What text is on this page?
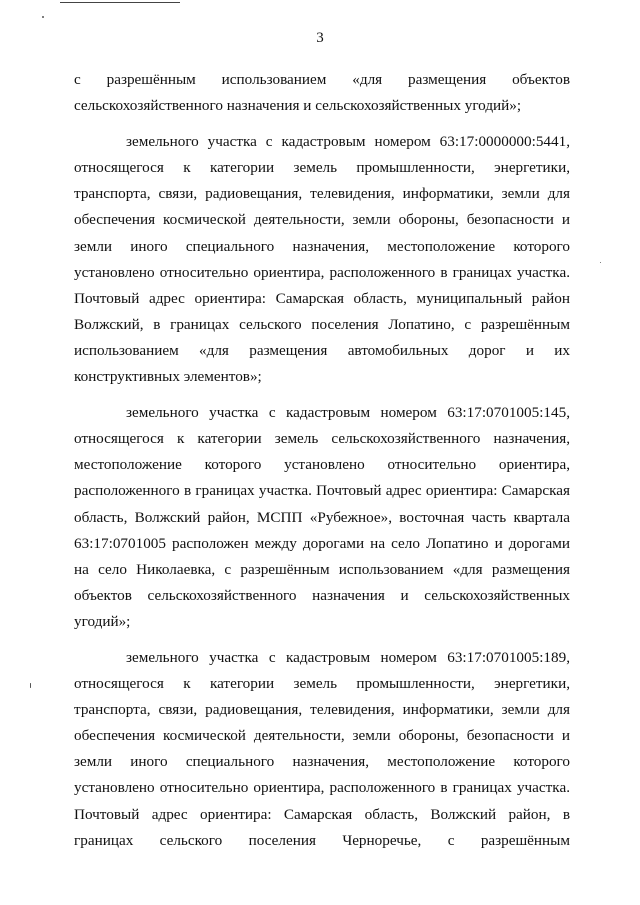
3

с разрешённым использованием «для размещения объектов сельскохозяйственного назначения и сельскохозяйственных угодий»;

земельного участка с кадастровым номером 63:17:0000000:5441, относящегося к категории земель промышленности, энергетики, транспорта, связи, радиовещания, телевидения, информатики, земли для обеспечения космической деятельности, земли обороны, безопасности и земли иного специального назначения, местоположение которого установлено относительно ориентира, расположенного в границах участка. Почтовый адрес ориентира: Самарская область, муниципальный район Волжский, в границах сельского поселения Лопатино, с разрешённым использованием «для размещения автомобильных дорог и их конструктивных элементов»;

земельного участка с кадастровым номером 63:17:0701005:145, относящегося к категории земель сельскохозяйственного назначения, местоположение которого установлено относительно ориентира, расположенного в границах участка. Почтовый адрес ориентира: Самарская область, Волжский район, МСПП «Рубежное», восточная часть квартала 63:17:0701005 расположен между дорогами на село Лопатино и дорогами на село Николаевка, с разрешённым использованием «для размещения объектов сельскохозяйственного назначения и сельскохозяйственных угодий»;

земельного участка с кадастровым номером 63:17:0701005:189, относящегося к категории земель промышленности, энергетики, транспорта, связи, радиовещания, телевидения, информатики, земли для обеспечения космической деятельности, земли обороны, безопасности и земли иного специального назначения, местоположение которого установлено относительно ориентира, расположенного в границах участка. Почтовый адрес ориентира: Самарская область, Волжский район, в границах сельского поселения Черноречье, с разрешённым
